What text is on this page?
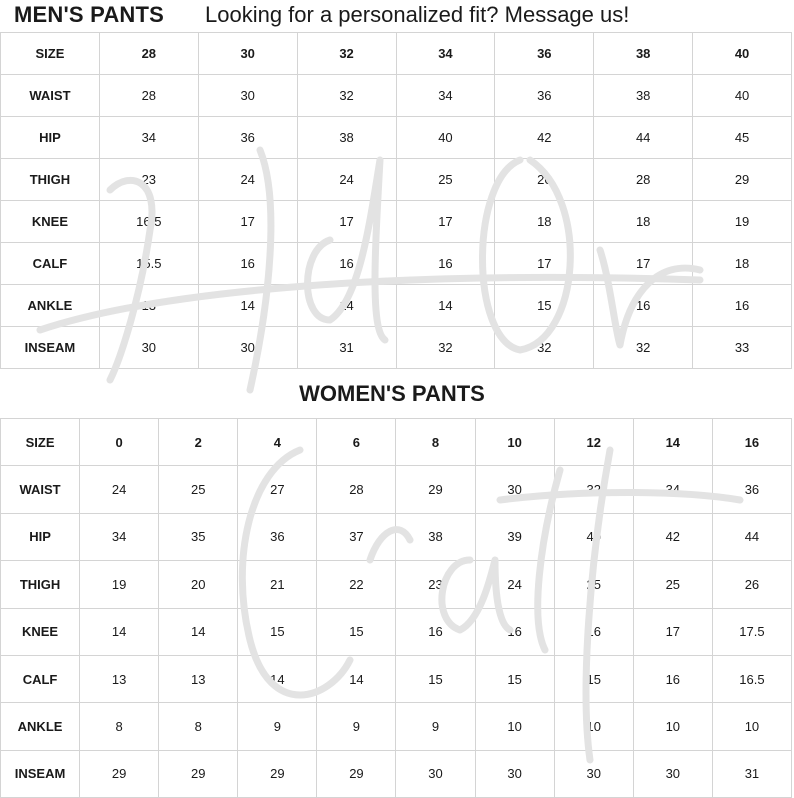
MEN'S PANTS Looking for a personalized fit? Message us!
SIZE	28	30	32	34	36	38	40
WAIST	28	30	32	34	36	38	40
HIP	34	36	38	40	42	44	45
THIGH	23	24	24	25	26	28	29
KNEE	16.5	17	17	17	18	18	19
CALF	15.5	16	16	16	17	17	18
ANKLE	13	14	14	14	15	16	16
INSEAM	30	30	31	32	32	32	33
WOMEN'S PANTS
SIZE	0	2	4	6	8	10	12	14	16
WAIST	24	25	27	28	29	30	32	34	36
HIP	34	35	36	37	38	39	40	42	44
THIGH	19	20	21	22	23	24	25	25	26
KNEE	14	14	15	15	16	16	16	17	17.5
CALF	13	13	14	14	15	15	15	16	16.5
ANKLE	8	8	9	9	9	10	10	10	10
INSEAM	29	29	29	29	30	30	30	30	31
